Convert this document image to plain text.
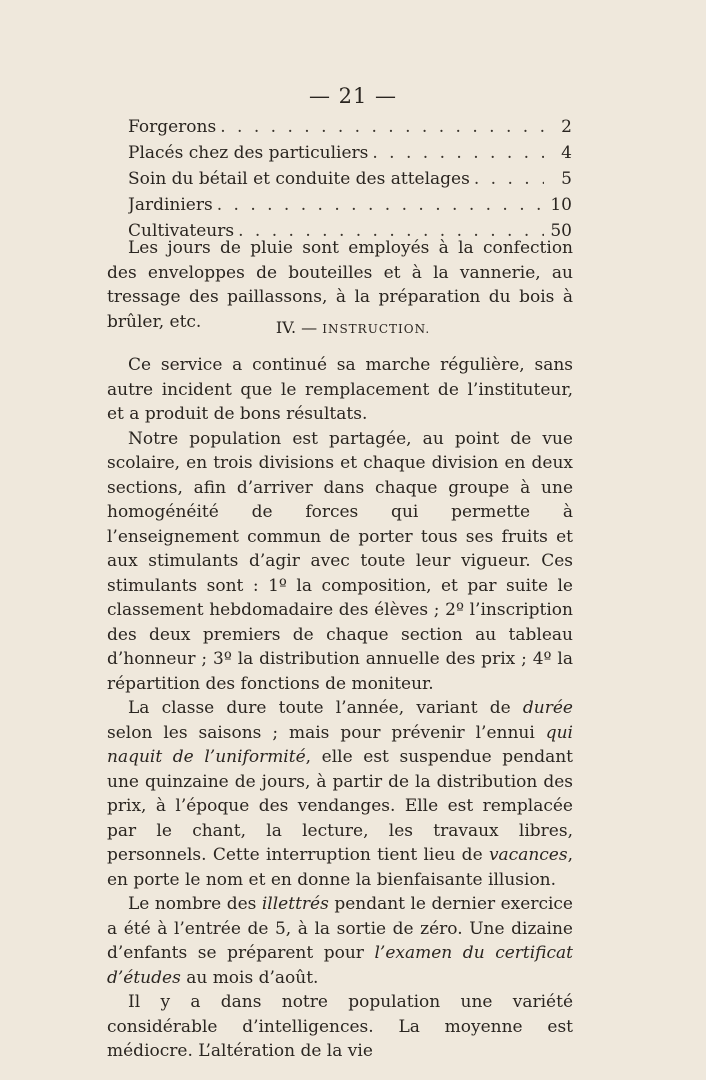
— 21 —
Forgerons . . .	2
Placés chez des particuliers . . .	4
Soin du bétail et conduite des attelages . . .	5
Jardiniers . . .	10
Cultivateurs . . .	50

Les jours de pluie sont employés à la confection des enveloppes de bouteilles et à la vannerie, au tressage des paillassons, à la préparation du bois à brûler, etc.	IV. — INSTRUCTION.

Ce service a continué sa marche régulière, sans autre incident que le remplacement de l’instituteur, et a produit de bons résultats.

Notre population est partagée, au point de vue scolaire, en trois divisions et chaque division en deux sections, afin d’arriver dans chaque groupe à une homogénéité de forces qui permette à l’enseignement commun de porter tous ses fruits et aux stimulants d’agir avec toute leur vigueur. Ces stimulants sont : 1º la composition, et par suite le classement hebdomadaire des élèves ; 2º l’inscription des deux premiers de chaque section au tableau d’honneur ; 3º la distribution annuelle des prix ; 4º la répartition des fonctions de moniteur.

La classe dure toute l’année, variant de durée selon les saisons ; mais pour prévenir l’ennui qui naquit de l’uniformité, elle est suspendue pendant une quinzaine de jours, à partir de la distribution des prix, à l’époque des vendanges. Elle est remplacée par le chant, la lecture, les travaux libres, personnels. Cette interruption tient lieu de vacances, en porte le nom et en donne la bienfaisante illusion.

Le nombre des illettrés pendant le dernier exercice a été à l’entrée de 5, à la sortie de zéro. Une dizaine d’enfants se préparent pour l’examen du certificat d’études au mois d’août.

Il y a dans notre population une variété considérable d’intelligences. La moyenne est médiocre. L’altération de la vie
